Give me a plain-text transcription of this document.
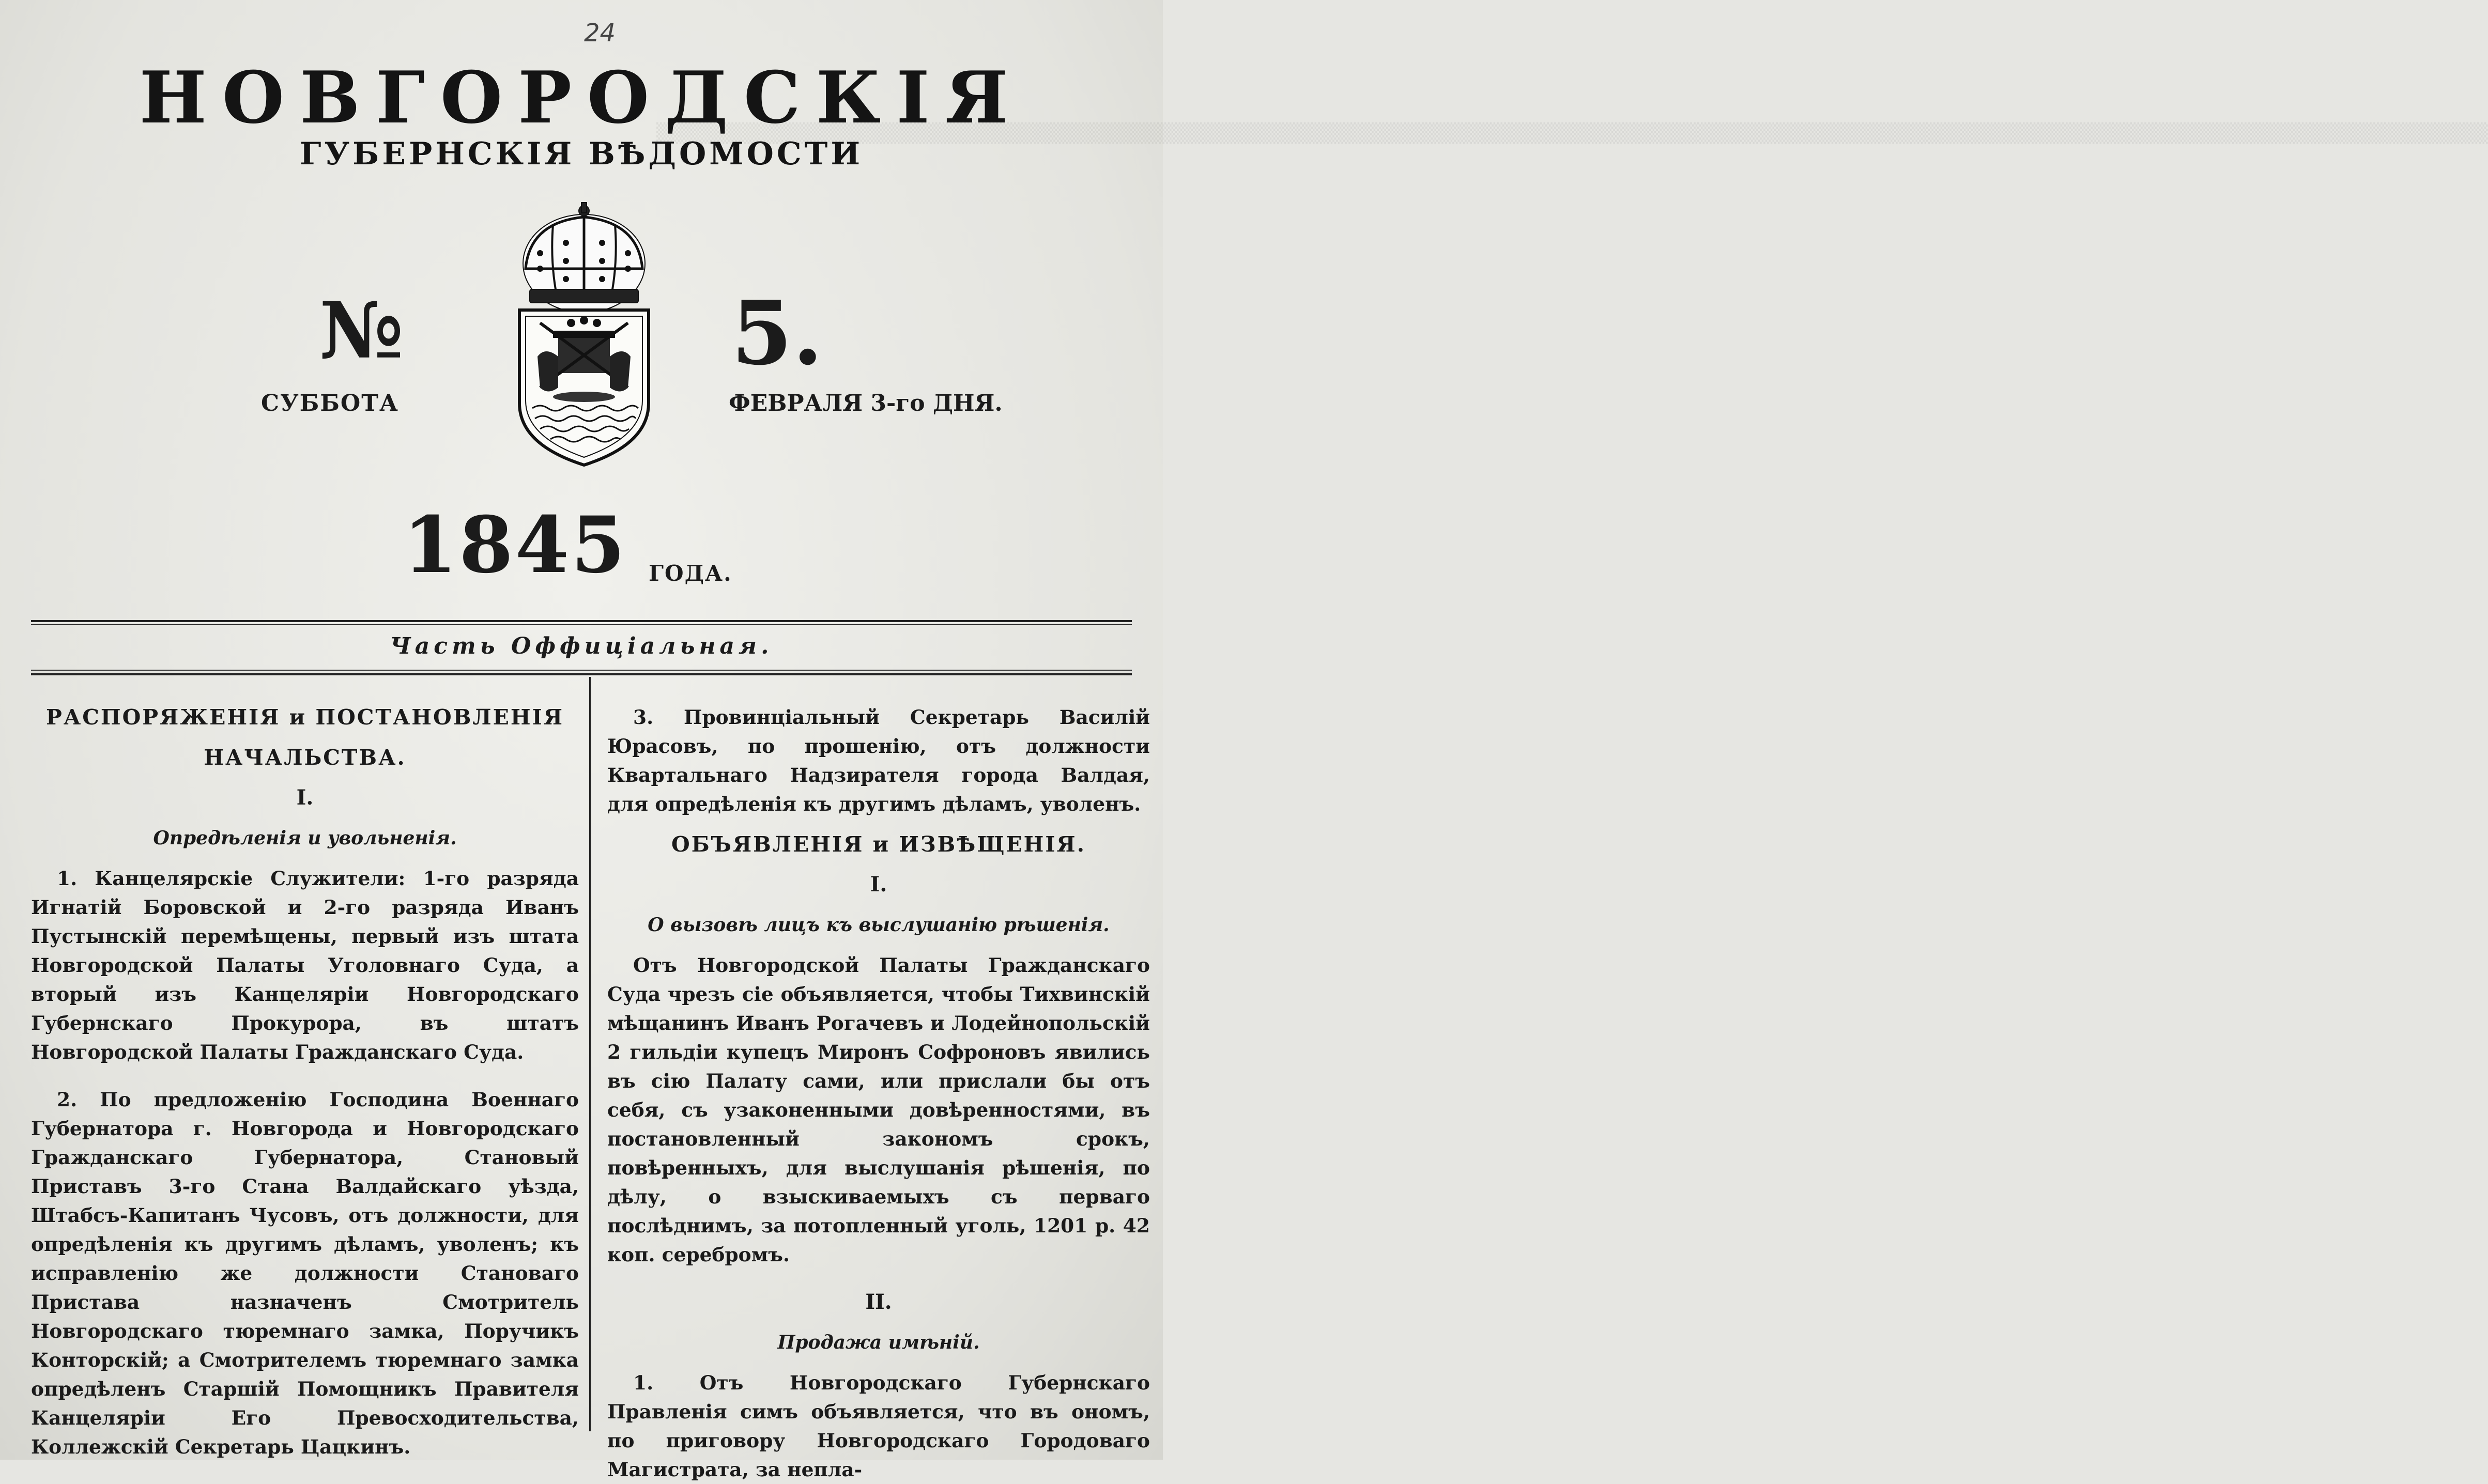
24
▒▒▒▒▒▒▒▒▒▒▒▒▒▒▒▒▒▒▒▒▒▒▒▒▒▒▒▒▒▒▒▒▒▒▒▒▒▒▒▒▒▒▒▒▒▒▒▒▒▒▒▒▒▒▒▒▒▒▒▒▒▒▒▒▒▒▒▒▒▒▒▒▒▒▒▒▒▒▒▒▒▒▒▒▒▒▒▒▒▒▒▒▒▒▒▒▒▒▒▒▒▒▒▒▒▒▒▒▒▒▒▒▒▒▒▒▒▒▒▒▒▒▒▒▒▒▒▒
НОВГОРОДСКIЯ
ГУБЕРНСКIЯ ВѢДОМОСТИ
№	5.
СУББОТА	ФЕВРАЛЯ 3-го ДНЯ.
1845 ГОДА.
Часть Оффицiальная.

РАСПОРЯЖЕНIЯ и ПОСТАНОВЛЕНIЯ

НАЧАЛЬСТВА.

I.

Опредѣленiя и увольненiя.

1. Канцелярскiе Служители: 1-го разряда Игнатiй Боровской и 2-го разряда Иванъ Пустынскiй перемѣщены, первый изъ штата Новгородской Палаты Уголовнаго Суда, а вторый изъ Канцелярiи Новгородскаго Губернскаго Прокурора, въ штатъ Новгородской Палаты Гражданскаго Суда.

2. По предложенiю Господина Военнаго Губернатора г. Новгорода и Новгородскаго Гражданскаго Губернатора, Становый Приставъ 3-го Стана Валдайскаго уѣзда, Штабсъ-Капитанъ Чусовъ, отъ должности, для опредѣленiя къ другимъ дѣламъ, уволенъ; къ исправленiю же должности Становаго Пристава назначенъ Смотритель Новгородскаго тюремнаго замка, Поручикъ Конторскiй; а Смотрителемъ тюремнаго замка опредѣленъ Старшiй Помощникъ Правителя Канцелярiи Его Превосходительства, Коллежскiй Секретарь Цацкинъ.

3. Провинцiальный Секретарь Василiй Юрасовъ, по прошенiю, отъ должности Квартальнаго Надзирателя города Валдая, для опредѣленiя къ другимъ дѣламъ, уволенъ.

ОБЪЯВЛЕНIЯ и ИЗВѢЩЕНIЯ.

I.

О вызовѣ лицъ къ выслушанiю рѣшенiя.

Отъ Новгородской Палаты Гражданскаго Суда чрезъ сiе объявляется, чтобы Тихвинскiй мѣщанинъ Иванъ Рогачевъ и Лодейнопольскiй 2 гильдiи купецъ Миронъ Софроновъ явились въ сiю Палату сами, или прислали бы отъ себя, съ узаконенными довѣренностями, въ постановленный закономъ срокъ, повѣренныхъ, для выслушанiя рѣшенiя, по дѣлу, о взыскиваемыхъ съ перваго послѣднимъ, за потопленный уголь, 1201 р. 42 коп. серебромъ.

II.

Продажа имѣнiй.

1. Отъ Новгородскаго Губернскаго Правленiя симъ объявляется, что въ ономъ, по приговору Новгородскаго Городоваго Магистрата, за непла-
